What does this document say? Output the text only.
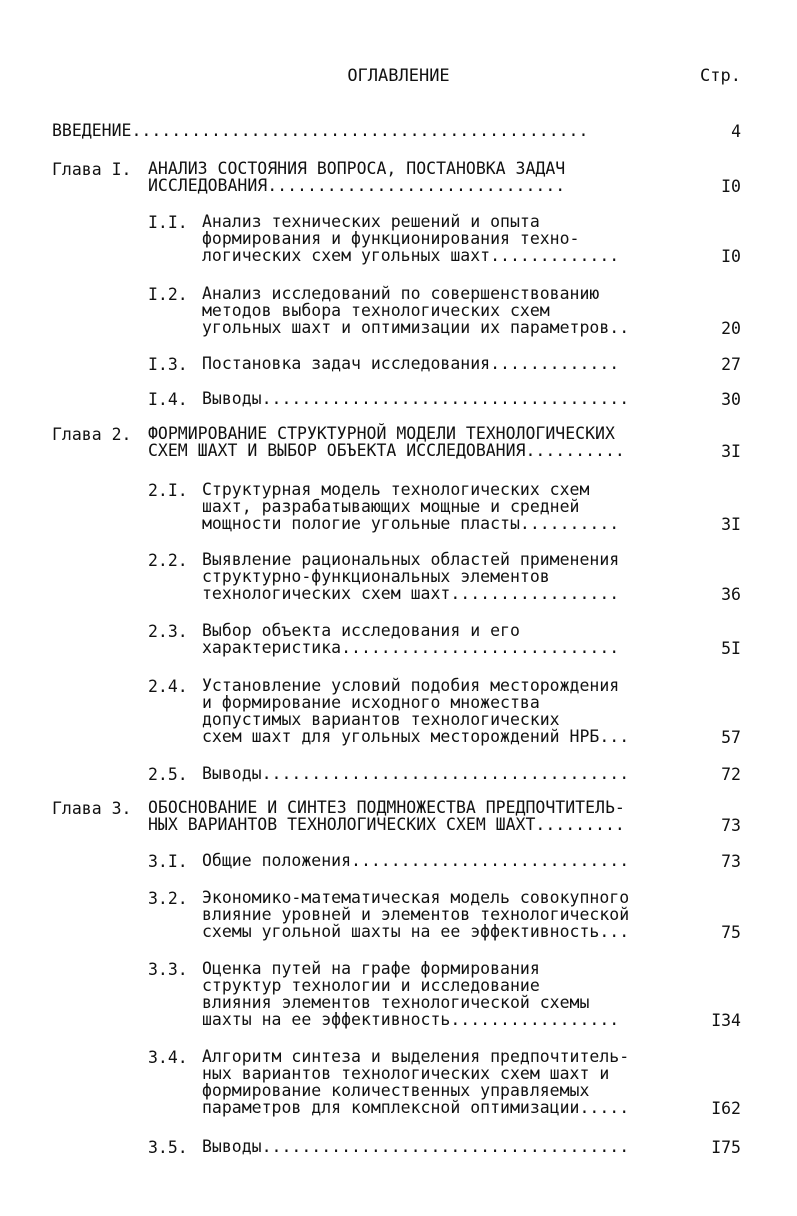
ОГЛАВЛЕНИЕ	Стр.
ВВЕДЕНИЕ..............................................	4
Глава I. АНАЛИЗ СОСТОЯНИЯ ВОПРОСА, ПОСТАНОВКА ЗАДАЧ
ИССЛЕДОВАНИЯ..............................	I0
I.I. Анализ технических решений и опыта
формирования и функционирования техно-
логических схем угольных шахт.............	I0
I.2. Анализ исследований по совершенствованию
методов выбора технологических схем
угольных шахт и оптимизации их параметров..	20
I.3. Постановка задач исследования.............	27
I.4. Выводы.....................................	30
Глава 2. ФОРМИРОВАНИЕ СТРУКТУРНОЙ МОДЕЛИ ТЕХНОЛОГИЧЕСКИХ
СХЕМ ШАХТ И ВЫБОР ОБЪЕКТА ИССЛЕДОВАНИЯ..........	3I
2.I. Структурная модель технологических схем
шахт, разрабатывающих мощные и средней
мощности пологие угольные пласты..........	3I
2.2. Выявление рациональных областей применения
структурно-функциональных элементов
технологических схем шахт.................	36
2.3. Выбор объекта исследования и его
характеристика............................	5I
2.4. Установление условий подобия месторождения
и формирование исходного множества
допустимых вариантов технологических
схем шахт для угольных месторождений НРБ...	57
2.5. Выводы.....................................	72
Глава 3. ОБОСНОВАНИЕ И СИНТЕЗ ПОДМНОЖЕСТВА ПРЕДПОЧТИТЕЛЬ-
НЫХ ВАРИАНТОВ ТЕХНОЛОГИЧЕСКИХ СХЕМ ШАХТ.........	73
3.I. Общие положения............................	73
3.2. Экономико-математическая модель совокупного
влияние уровней и элементов технологической
схемы угольной шахты на ее эффективность...	75
3.3. Оценка путей на графе формирования
структур технологии и исследование
влияния элементов технологической схемы
шахты на ее эффективность.................	I34
3.4. Алгоритм синтеза и выделения предпочтитель-
ных вариантов технологических схем шахт и
формирование количественных управляемых
параметров для комплексной оптимизации.....	I62
3.5. Выводы.....................................	I75
